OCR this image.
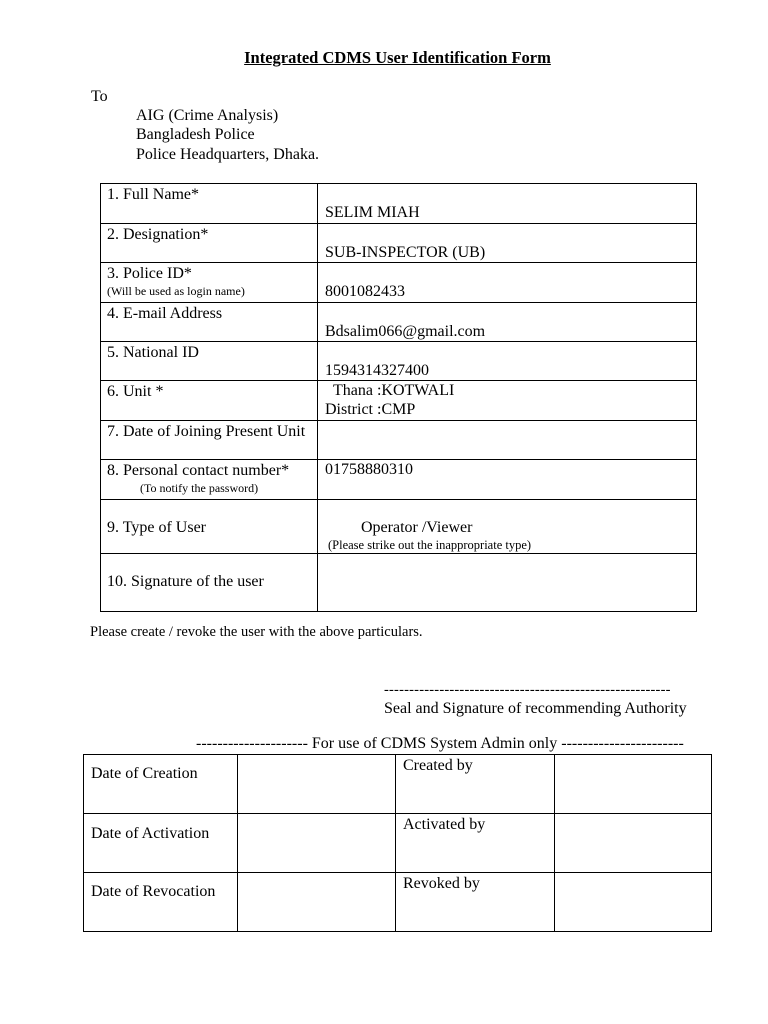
Integrated CDMS User Identification Form
To
AIG (Crime Analysis)
Bangladesh Police
Police Headquarters, Dhaka.
1. Full Name*	SELIM MIAH

2. Designation*	SUB-INSPECTOR (UB)

3. Police ID*
(Will be used as login name)	8001082433

4. E-mail Address	Bdsalim066@gmail.com

5. National ID	1594314327400

6. Unit *	Thana :KOTWALI
District :CMP

7. Date of Joining Present Unit	

8. Personal contact number*
(To notify the password)	01758880310

9. Type of User	Operator /Viewer
(Please strike out the inappropriate type)

10. Signature of the user	

Please create / revoke the user with the above particulars.
---------------------------------------------------------
Seal and Signature of recommending Authority
--------------------- For use of CDMS System Admin only -----------------------
Date of Creation		Created by	

Date of Activation		Activated by	

Date of Revocation		Revoked by	
